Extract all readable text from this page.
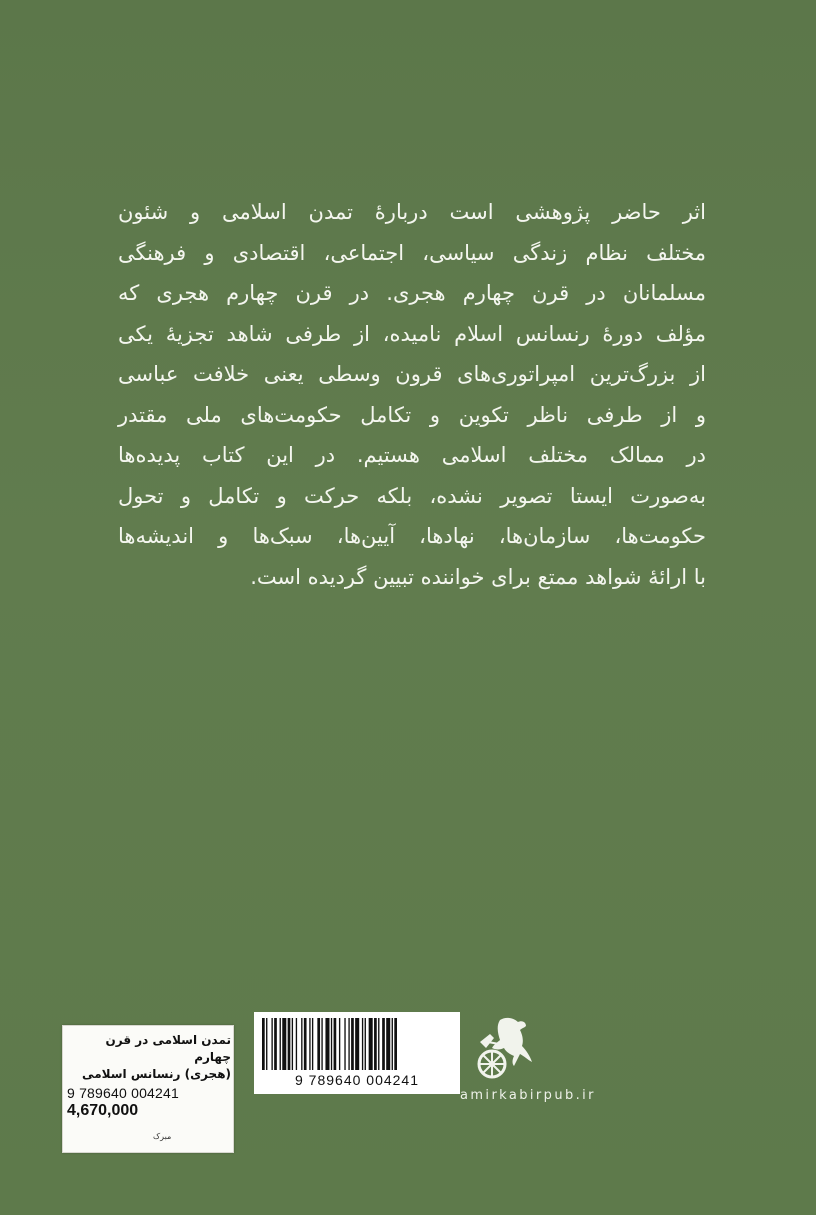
اثر حاضر پژوهشی است دربارهٔ تمدن اسلامی و شئون

مختلف نظام زندگی سیاسی، اجتماعی، اقتصادی و فرهنگی

مسلمانان در قرن چهارم هجری. در قرن چهارم هجری که

مؤلف دورهٔ رنسانس اسلام نامیده، از طرفی شاهد تجزیهٔ یکی

از بزرگ‌ترین امپراتوری‌های قرون وسطی یعنی خلافت عباسی

و از طرفی ناظر تکوین و تکامل حکومت‌های ملی مقتدر

در ممالک مختلف اسلامی هستیم. در این کتاب پدیده‌ها

به‌صورت ایستا تصویر نشده، بلکه حرکت و تکامل و تحول

حکومت‌ها، سازمان‌ها، نهادها، آیین‌ها، سبک‌ها و اندیشه‌ها

با ارائهٔ شواهد ممتع برای خواننده تبیین گردیده است.

تمدن اسلامی در قرن چهارم
(هجری) رنسانس اسلامی
9 789640 004241
4,670,000
مبرک
9 789640 004241
amirkabirpub.ir
